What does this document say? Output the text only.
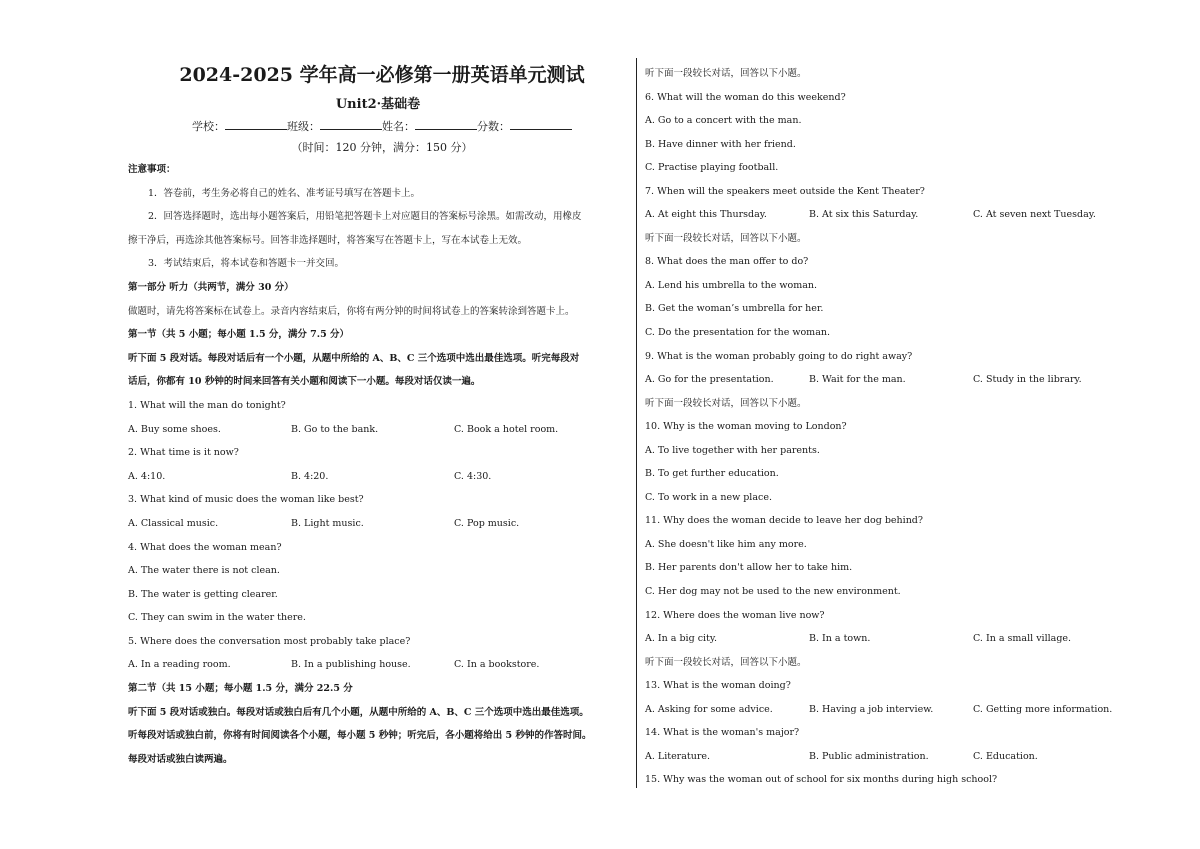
2024-2025 学年高一必修第一册英语单元测试
Unit2·基础卷
学校：	班级：	姓名：	分数：
（时间：120 分钟，满分：150 分）
注意事项：
1．答卷前，考生务必将自己的姓名、准考证号填写在答题卡上。
2．回答选择题时，选出每小题答案后，用铅笔把答题卡上对应题目的答案标号涂黑。如需改动，用橡皮
擦干净后，再选涂其他答案标号。回答非选择题时，将答案写在答题卡上，写在本试卷上无效。
3．考试结束后，将本试卷和答题卡一并交回。
第一部分 听力（共两节，满分 30 分）
做题时，请先将答案标在试卷上。录音内容结束后，你将有两分钟的时间将试卷上的答案转涂到答题卡上。
第一节（共 5 小题；每小题 1.5 分，满分 7.5 分）
听下面 5 段对话。每段对话后有一个小题，从题中所给的 A、B、C 三个选项中选出最佳选项。听完每段对
话后，你都有 10 秒钟的时间来回答有关小题和阅读下一小题。每段对话仅读一遍。
1. What will the man do tonight?
A. Buy some shoes.	B. Go to the bank.	C. Book a hotel room.
2. What time is it now?
A. 4:10.	B. 4:20.	C. 4:30.
3. What kind of music does the woman like best?
A. Classical music.	B. Light music.	C. Pop music.
4. What does the woman mean?
A. The water there is not clean.
B. The water is getting clearer.
C. They can swim in the water there.
5. Where does the conversation most probably take place?
A. In a reading room.	B. In a publishing house.	C. In a bookstore.
第二节（共 15 小题；每小题 1.5 分，满分 22.5 分
听下面 5 段对话或独白。每段对话或独白后有几个小题，从题中所给的 A、B、C 三个选项中选出最佳选项。
听每段对话或独白前，你将有时间阅读各个小题，每小题 5 秒钟；听完后，各小题将给出 5 秒钟的作答时间。
每段对话或独白读两遍。
听下面一段较长对话，回答以下小题。
6. What will the woman do this weekend?
A. Go to a concert with the man.
B. Have dinner with her friend.
C. Practise playing football.
7. When will the speakers meet outside the Kent Theater?
A. At eight this Thursday.	B. At six this Saturday.	C. At seven next Tuesday.
听下面一段较长对话，回答以下小题。
8. What does the man offer to do?
A. Lend his umbrella to the woman.
B. Get the woman’s umbrella for her.
C. Do the presentation for the woman.
9. What is the woman probably going to do right away?
A. Go for the presentation.	B. Wait for the man.	C. Study in the library.
听下面一段较长对话，回答以下小题。
10. Why is the woman moving to London?
A. To live together with her parents.
B. To get further education.
C. To work in a new place.
11. Why does the woman decide to leave her dog behind?
A. She doesn't like him any more.
B. Her parents don't allow her to take him.
C. Her dog may not be used to the new environment.
12. Where does the woman live now?
A. In a big city.	B. In a town.	C. In a small village.
听下面一段较长对话，回答以下小题。
13. What is the woman doing?
A. Asking for some advice.	B. Having a job interview.	C. Getting more information.
14. What is the woman's major?
A. Literature.	B. Public administration.	C. Education.
15. Why was the woman out of school for six months during high school?
